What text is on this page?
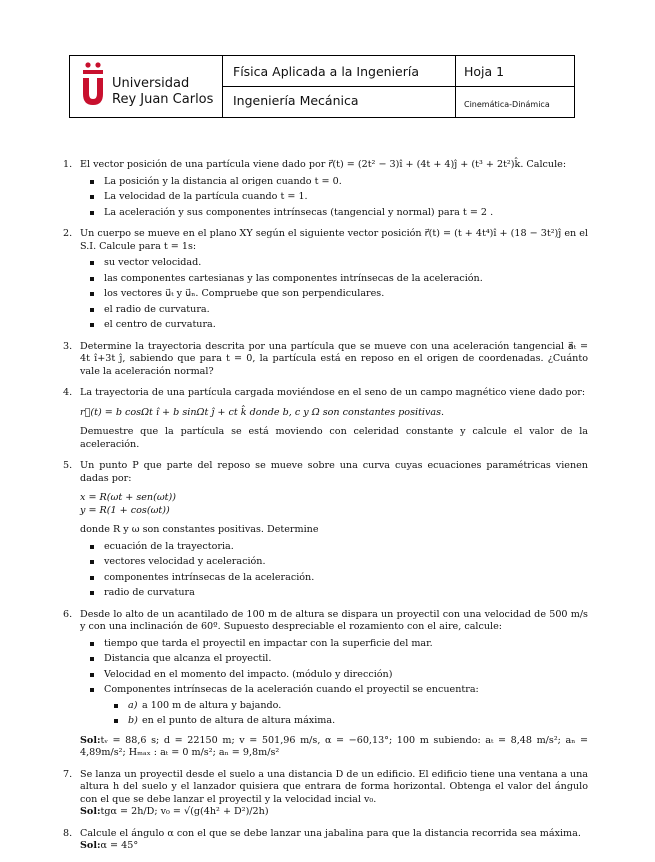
Universidad
Rey Juan Carlos
Física Aplicada a la Ingeniería
Ingeniería Mecánica
Hoja 1
Cinemática-Dinámica
1. El vector posición de una partícula viene dado por r⃗(t) = (2t² − 3)î + (4t + 4)ĵ + (t³ + 2t²)k̂. Calcule:
La posición y la distancia al origen cuando t = 0.
La velocidad de la partícula cuando t = 1.
La aceleración y sus componentes intrínsecas (tangencial y normal) para t = 2 .
2. Un cuerpo se mueve en el plano XY según el siguiente vector posición r⃗(t) = (t + 4t⁴)î + (18 − 3t²)ĵ en el S.I. Calcule para t = 1s:
su vector velocidad.
las componentes cartesianas y las componentes intrínsecas de la aceleración.
los vectores u⃗ₜ y u⃗ₙ. Compruebe que son perpendiculares.
el radio de curvatura.
el centro de curvatura.
3. Determine la trayectoria descrita por una partícula que se mueve con una aceleración tangencial a⃗ₜ = 4t î+3t ĵ, sabiendo que para t = 0, la partícula está en reposo en el origen de coordenadas. ¿Cuánto vale la aceleración normal?
4. La trayectoria de una partícula cargada moviéndose en el seno de un campo magnético viene dado por:
r⃗(t) = b cosΩt î + b sinΩt ĵ + ct k̂ donde b, c y Ω son constantes positivas.
Demuestre que la partícula se está moviendo con celeridad constante y calcule el valor de la aceleración.
5. Un punto P que parte del reposo se mueve sobre una curva cuyas ecuaciones paramétricas vienen dadas por:
x = R(ωt + sen(ωt))
y = R(1 + cos(ωt))
donde R y ω son constantes positivas. Determine
ecuación de la trayectoria.
vectores velocidad y aceleración.
componentes intrínsecas de la aceleración.
radio de curvatura
6. Desde lo alto de un acantilado de 100 m de altura se dispara un proyectil con una velocidad de 500 m/s y con una inclinación de 60º. Supuesto despreciable el rozamiento con el aire, calcule:
tiempo que tarda el proyectil en impactar con la superficie del mar.
Distancia que alcanza el proyectil.
Velocidad en el momento del impacto. (módulo y dirección)
Componentes intrínsecas de la aceleración cuando el proyectil se encuentra:
a) a 100 m de altura y bajando.
b) en el punto de altura de altura máxima.
Sol:tᵥ = 88,6 s; d = 22150 m; v = 501,96 m/s, α = −60,13°; 100 m subiendo: aₜ = 8,48 m/s²; aₙ = 4,89m/s²; Hₘₐₓ : aₜ = 0 m/s²; aₙ = 9,8m/s²
7. Se lanza un proyectil desde el suelo a una distancia D de un edificio. El edificio tiene una ventana a una altura h del suelo y el lanzador quisiera que entrara de forma horizontal. Obtenga el valor del ángulo con el que se debe lanzar el proyectil y la velocidad incial v₀.
Sol:tgα = 2h/D; v₀ = √(g(4h² + D²)/2h)
8. Calcule el ángulo α con el que se debe lanzar una jabalina para que la distancia recorrida sea máxima.
Sol:α = 45°
